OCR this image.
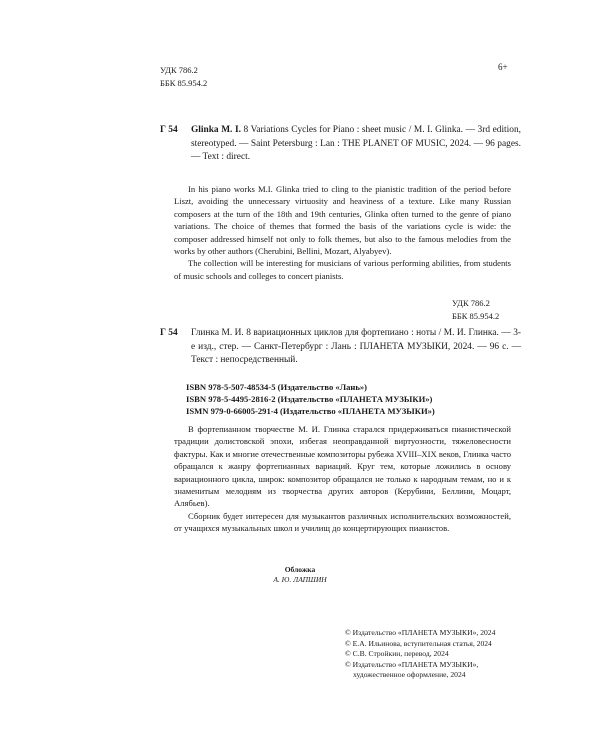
УДК 786.2
ББК 85.954.2
6+
Г 54 Glinka M. I. 8 Variations Cycles for Piano : sheet music / M. I. Glinka. — 3rd edition, stereotyped. — Saint Petersburg : Lan : THE PLANET OF MUSIC, 2024. — 96 pages. — Text : direct.

In his piano works M.I. Glinka tried to cling to the pianistic tradition of the period before Liszt, avoiding the unnecessary virtuosity and heaviness of a texture. Like many Russian composers at the turn of the 18th and 19th centuries, Glinka often turned to the genre of piano variations. The choice of themes that formed the basis of the variations cycle is wide: the composer addressed himself not only to folk themes, but also to the famous melodies from the works by other authors (Cherubini, Bellini, Mozart, Alyabyev).

The collection will be interesting for musicians of various performing abilities, from students of music schools and colleges to concert pianists.

УДК 786.2
ББК 85.954.2
Г 54 Глинка М. И. 8 вариационных циклов для фортепиано : ноты / М. И. Глинка. — 3-е изд., стер. — Санкт-Петербург : Лань : ПЛАНЕТА МУЗЫКИ, 2024. — 96 с. — Текст : непосредственный.
ISBN 978-5-507-48534-5 (Издательство «Лань»)
ISBN 978-5-4495-2816-2 (Издательство «ПЛАНЕТА МУЗЫКИ»)
ISMN 979-0-66005-291-4 (Издательство «ПЛАНЕТА МУЗЫКИ»)

В фортепианном творчестве М. И. Глинка старался придерживаться пианистической традиции долистовской эпохи, избегая неоправданной виртуозности, тяжеловесности фактуры. Как и многие отечественные композиторы рубежа XVIII–XIX веков, Глинка часто обращался к жанру фортепианных вариаций. Круг тем, которые ложились в основу вариационного цикла, широк: композитор обращался не только к народным темам, но и к знаменитым мелодиям из творчества других авторов (Керубини, Беллини, Моцарт, Алябьев).

Сборник будет интересен для музыкантов различных исполнительских возможностей, от учащихся музыкальных школ и училищ до концертирующих пианистов.

Обложка
А. Ю. ЛАПШИН
© Издательство «ПЛАНЕТА МУЗЫКИ», 2024
© Е.А. Ильинова, вступительная статья, 2024
© С.В. Стройкин, перевод, 2024
© Издательство «ПЛАНЕТА МУЗЫКИ»,
художественное оформление, 2024
